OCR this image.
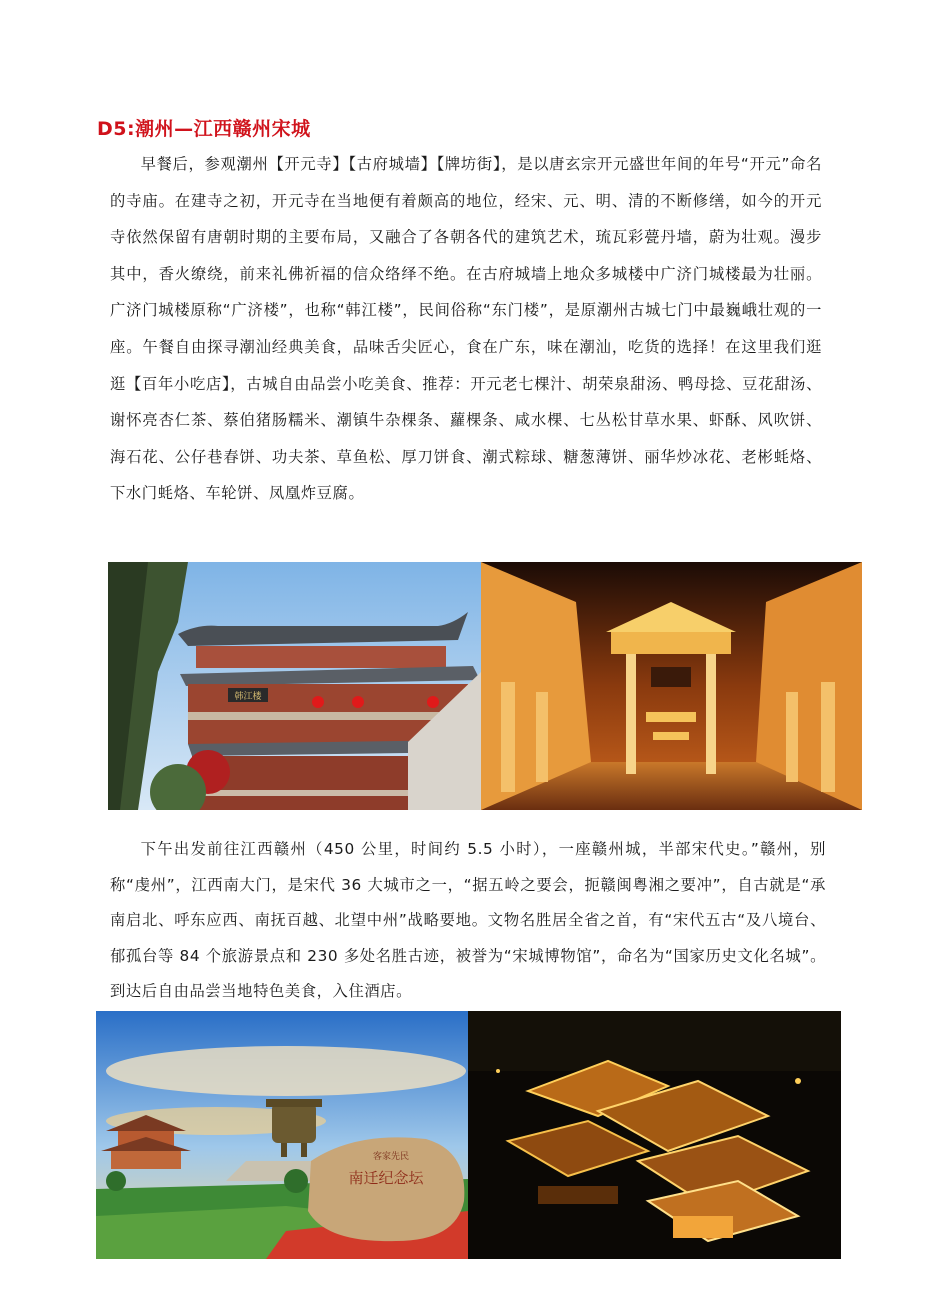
D5:潮州—江西赣州宋城

早餐后，参观潮州【开元寺】【古府城墙】【牌坊街】，是以唐玄宗开元盛世年间的年号“开元”命名的寺庙。在建寺之初，开元寺在当地便有着颇高的地位，经宋、元、明、清的不断修缮，如今的开元寺依然保留有唐朝时期的主要布局，又融合了各朝各代的建筑艺术，琉瓦彩甍丹墙，蔚为壮观。漫步其中，香火缭绕，前来礼佛祈福的信众络绎不绝。在古府城墙上地众多城楼中广济门城楼最为壮丽。广济门城楼原称“广济楼”，也称“韩江楼”，民间俗称“东门楼”，是原潮州古城七门中最巍峨壮观的一座。午餐自由探寻潮汕经典美食，品味舌尖匠心，食在广东，味在潮汕，吃货的选择！在这里我们逛逛【百年小吃店】，古城自由品尝小吃美食、推荐：开元老七棵汁、胡荣泉甜汤、鸭母捻、豆花甜汤、谢怀亮杏仁茶、蔡伯猪肠糯米、潮镇牛杂棵条、蘿棵条、咸水棵、七丛松甘草水果、虾酥、风吹饼、海石花、公仔巷春饼、功夫茶、草鱼松、厚刀饼食、潮式粽球、糖葱薄饼、丽华炒冰花、老彬蚝烙、下水门蚝烙、车轮饼、凤凰炸豆腐。

韩江楼

下午出发前往江西赣州（450 公里，时间约 5.5 小时），一座赣州城，半部宋代史。”赣州，别称“虔州”，江西南大门，是宋代 36 大城市之一，“据五岭之要会，扼赣闽粤湘之要冲”，自古就是“承南启北、呼东应西、南抚百越、北望中州”战略要地。文物名胜居全省之首，有“宋代五古“及八境台、郁孤台等 84 个旅游景点和 230 多处名胜古迹，被誉为“宋城博物馆”，命名为“国家历史文化名城”。到达后自由品尝当地特色美食，入住酒店。

客家先民
南迁纪念坛
